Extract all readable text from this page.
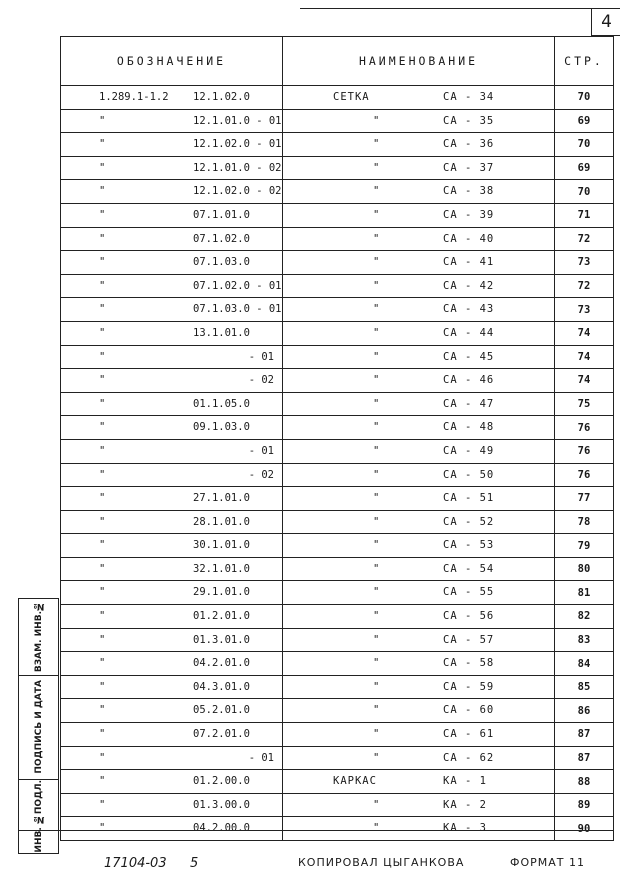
4
ОБОЗНАЧЕНИЕ	НАИМЕНОВАНИЕ	СТР.

1.289.1-1.2 12.1.02.0	СЕТКА СА - 34	70

" 12.1.01.0 - 01	" СА - 35	69

" 12.1.02.0 - 01	" СА - 36	70

" 12.1.01.0 - 02	" СА - 37	69

" 12.1.02.0 - 02	" СА - 38	70

" 07.1.01.0	" СА - 39	71

" 07.1.02.0	" СА - 40	72

" 07.1.03.0	" СА - 41	73

" 07.1.02.0 - 01	" СА - 42	72

" 07.1.03.0 - 01	" СА - 43	73

" 13.1.01.0	" СА - 44	74

" - 01	" СА - 45	74

" - 02	" СА - 46	74

" 01.1.05.0	" СА - 47	75

" 09.1.03.0	" СА - 48	76

" - 01	" СА - 49	76

" - 02	" СА - 50	76

" 27.1.01.0	" СА - 51	77

" 28.1.01.0	" СА - 52	78

" 30.1.01.0	" СА - 53	79

" 32.1.01.0	" СА - 54	80

" 29.1.01.0	" СА - 55	81

" 01.2.01.0	" СА - 56	82

" 01.3.01.0	" СА - 57	83

" 04.2.01.0	" СА - 58	84

" 04.3.01.0	" СА - 59	85

" 05.2.01.0	" СА - 60	86

" 07.2.01.0	" СА - 61	87

" - 01	" СА - 62	87

" 01.2.00.0	КАРКАС КА - 1	88

" 01.3.00.0	" КА - 2	89

" 04.2.00.0	" КА - 3	90
ВЗАМ. ИНВ.№
ПОДПИСЬ И ДАТА
ИНВ. №ПОДЛ.
17104-03 5	КОПИРОВАЛ ЦЫГАНКОВА	ФОРМАТ 11
